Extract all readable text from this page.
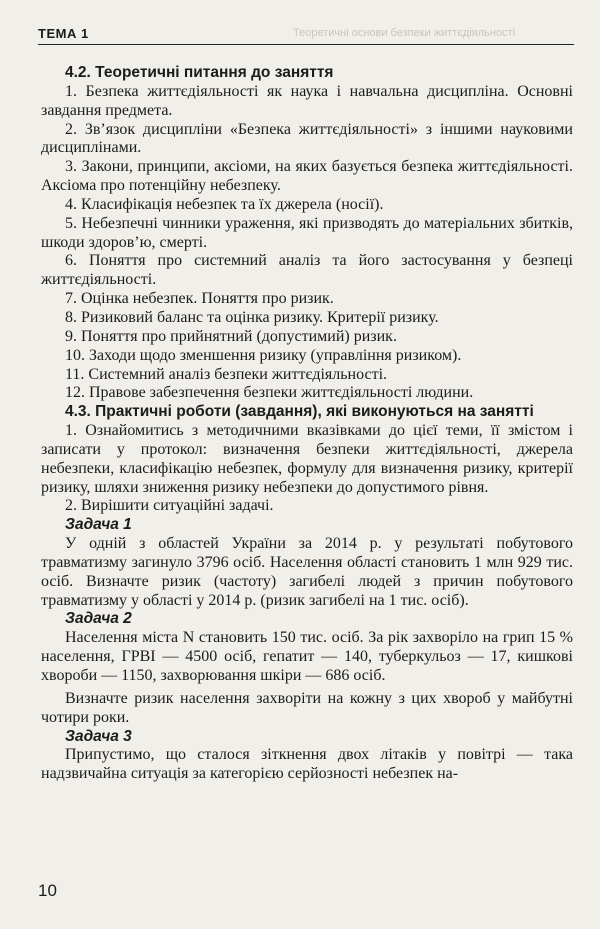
ТЕМА 1	Теоретичні основи безпеки життєдіяльності

4.2. Теоретичні питання до заняття

1. Безпека життєдіяльності як наука і навчальна дисципліна. Основні завдання предмета.

2. Зв’язок дисципліни «Безпека життєдіяльності» з іншими науковими дисциплінами.

3. Закони, принципи, аксіоми, на яких базується безпека життєдіяльності. Аксіома про потенційну небезпеку.

4. Класифікація небезпек та їх джерела (носії).

5. Небезпечні чинники ураження, які призводять до матеріальних збитків, шкоди здоров’ю, смерті.

6. Поняття про системний аналіз та його застосування у безпеці життєдіяльності.

7. Оцінка небезпек. Поняття про ризик.

8. Ризиковий баланс та оцінка ризику. Критерії ризику.

9. Поняття про прийнятний (допустимий) ризик.

10. Заходи щодо зменшення ризику (управління ризиком).

11. Системний аналіз безпеки життєдіяльності.

12. Правове забезпечення безпеки життєдіяльності людини.

4.3. Практичні роботи (завдання), які виконуються на занятті

1. Ознайомитись з методичними вказівками до цієї теми, її змістом і записати у протокол: визначення безпеки життєдіяльності, джерела небезпеки, класифікацію небезпек, формулу для визначення ризику, критерії ризику, шляхи зниження ризику небезпеки до допустимого рівня.

2. Вирішити ситуаційні задачі.

Задача 1

У одній з областей України за 2014 р. у результаті побутового травматизму загинуло 3796 осіб. Населення області становить 1 млн 929 тис. осіб. Визначте ризик (частоту) загибелі людей з причин побутового травматизму у області у 2014 р. (ризик загибелі на 1 тис. осіб).

Задача 2

Населення міста N становить 150 тис. осіб. За рік захворіло на грип 15 % населення, ГРВІ — 4500 осіб, гепатит — 140, туберкульоз — 17, кишкові хвороби — 1150, захворювання шкіри — 686 осіб.

Визначте ризик населення захворіти на кожну з цих хвороб у майбутні чотири роки.

Задача 3

Припустимо, що сталося зіткнення двох літаків у повітрі — така надзвичайна ситуація за категорією серйозності небезпек на-

10
